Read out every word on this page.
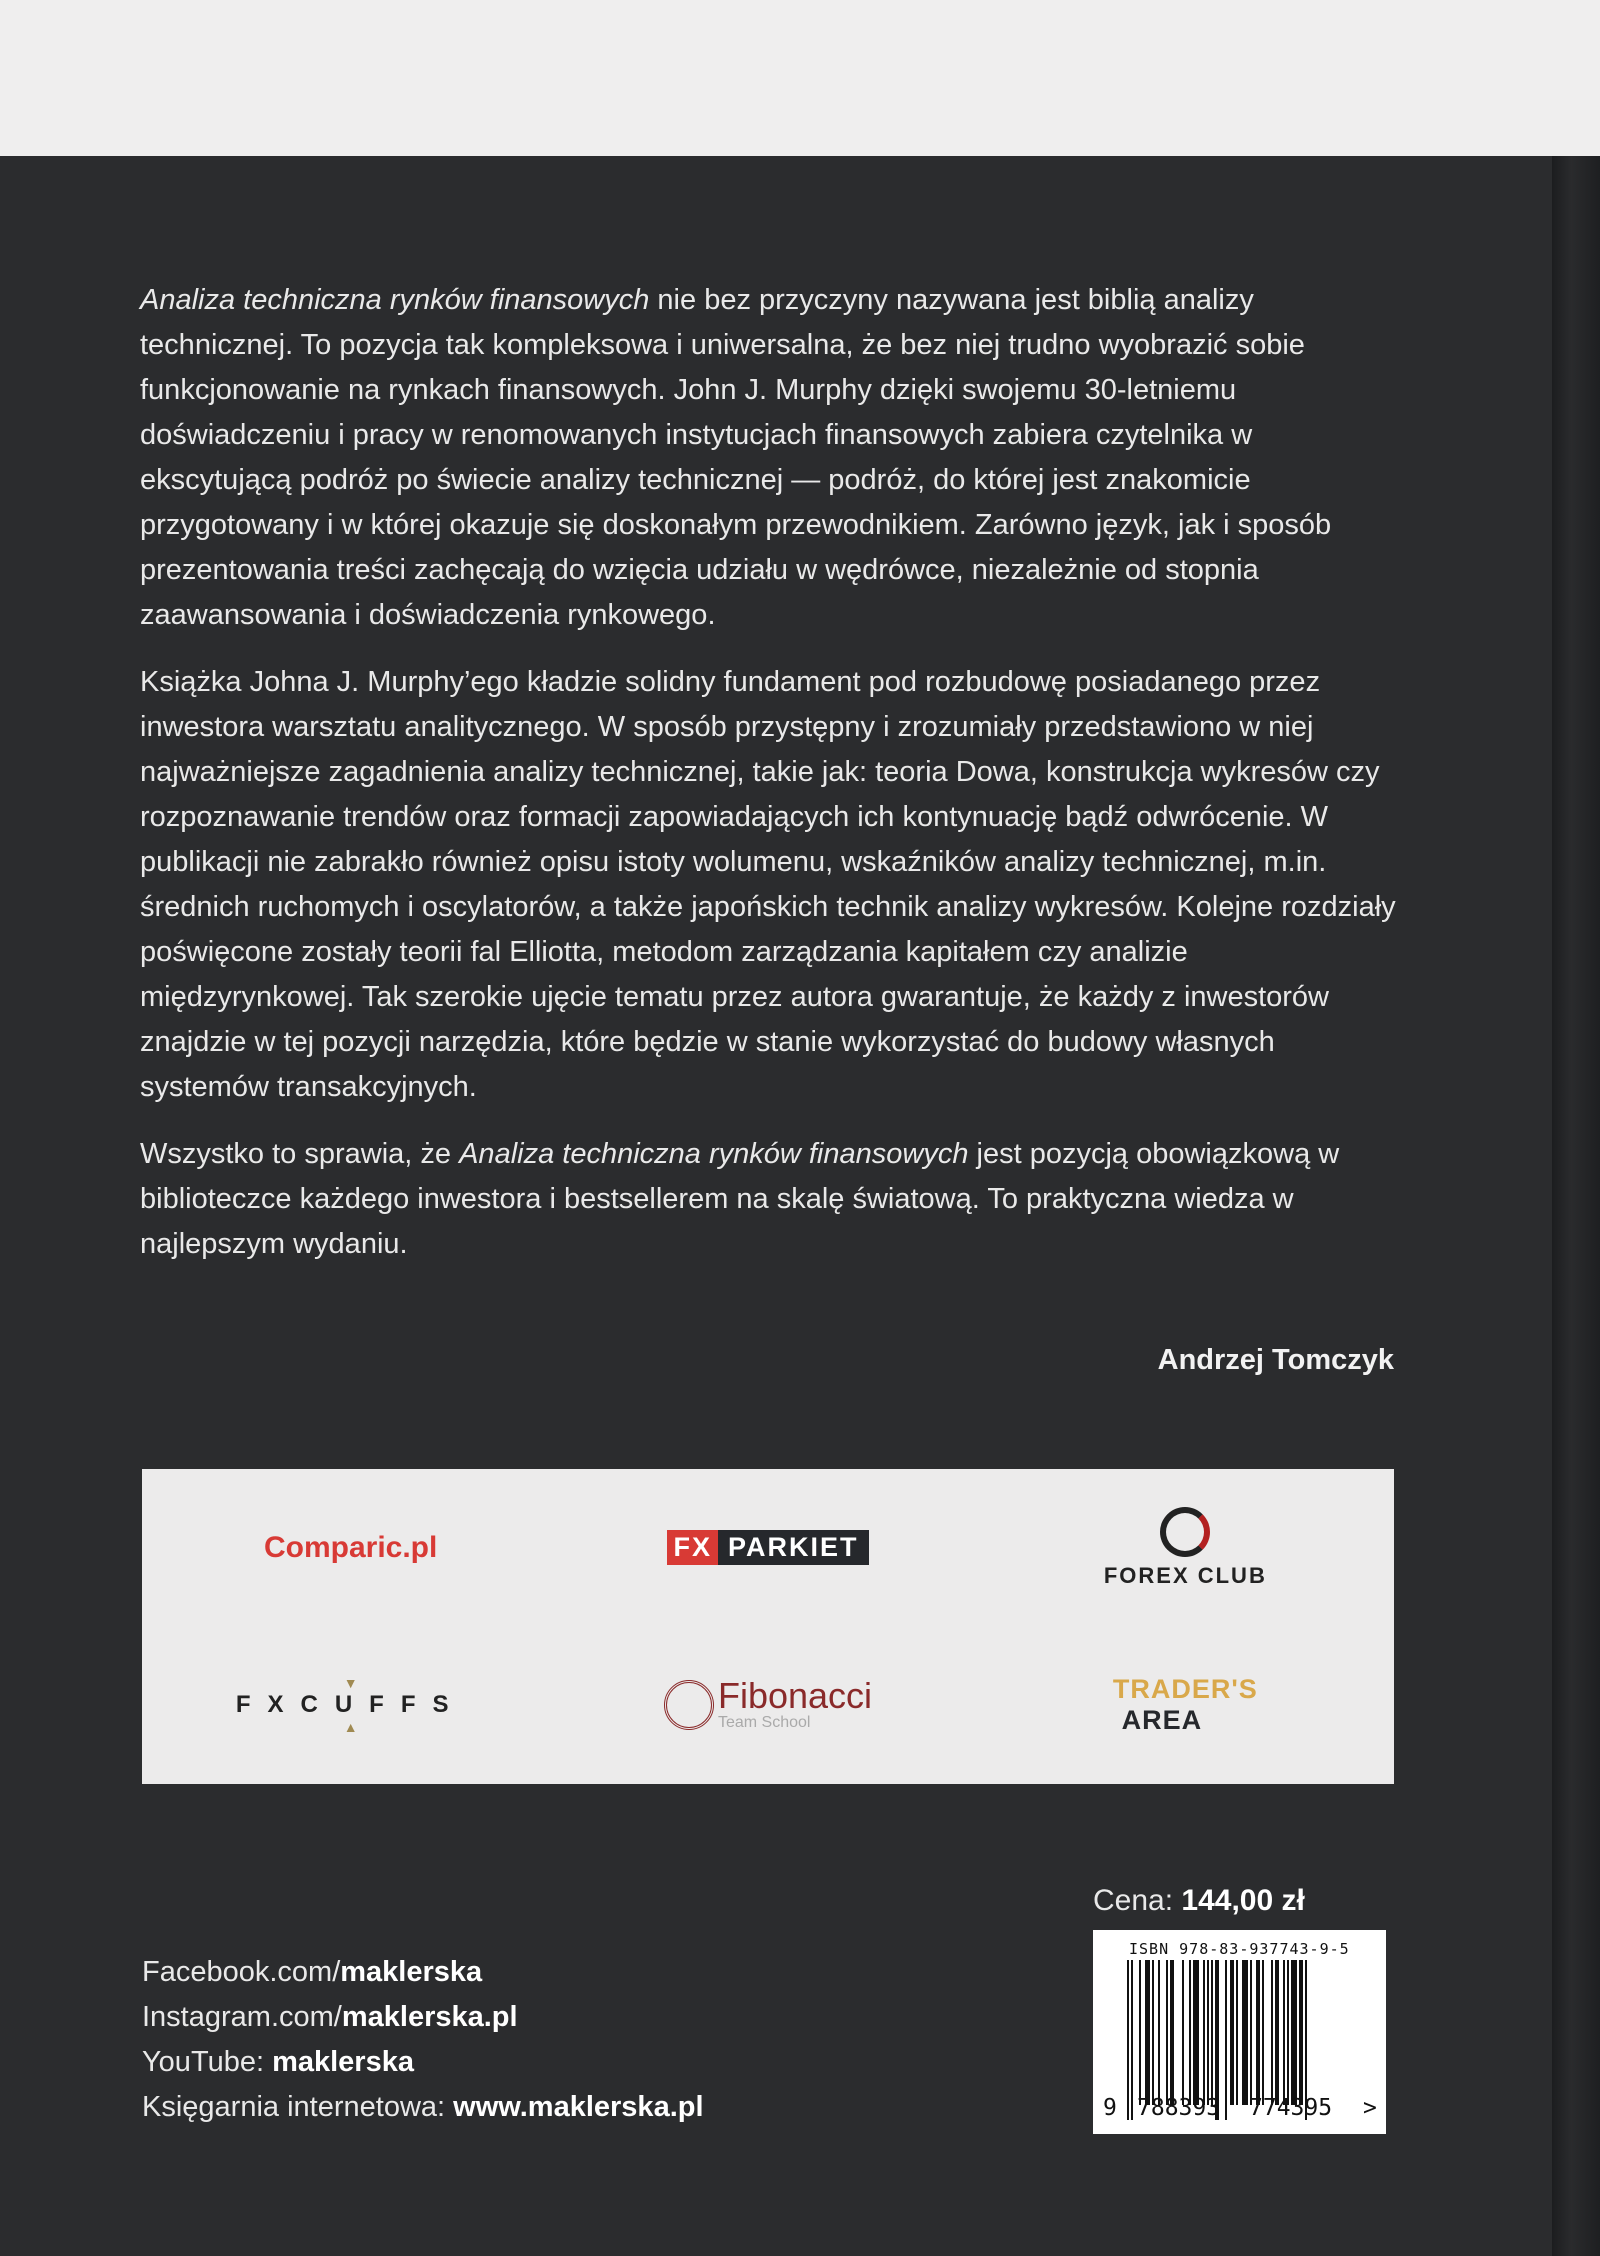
Analiza techniczna rynków finansowych nie bez przyczyny nazywana jest biblią analizy technicznej. To pozycja tak kompleksowa i uniwersalna, że bez niej trudno wyobrazić sobie funkcjonowanie na rynkach finansowych. John J. Murphy dzięki swojemu 30-letniemu doświadczeniu i pracy w renomowanych instytucjach finansowych zabiera czytelnika w ekscytującą podróż po świecie analizy technicznej — podróż, do której jest znakomicie przygotowany i w której okazuje się doskonałym przewodnikiem. Zarówno język, jak i sposób prezentowania treści zachęcają do wzięcia udziału w wędrówce, niezależnie od stopnia zaawansowania i doświadczenia rynkowego.

Książka Johna J. Murphy’ego kładzie solidny fundament pod rozbudowę posiadanego przez inwestora warsztatu analitycznego. W sposób przystępny i zrozumiały przedstawiono w niej najważniejsze zagadnienia analizy technicznej, takie jak: teoria Dowa, konstrukcja wykresów czy rozpoznawanie trendów oraz formacji zapowiadających ich kontynuację bądź odwrócenie. W publikacji nie zabrakło również opisu istoty wolumenu, wskaźników analizy technicznej, m.in. średnich ruchomych i oscylatorów, a także japońskich technik analizy wykresów. Kolejne rozdziały poświęcone zostały teorii fal Elliotta, metodom zarządzania kapitałem czy analizie międzyrynkowej. Tak szerokie ujęcie tematu przez autora gwarantuje, że każdy z inwestorów znajdzie w tej pozycji narzędzia, które będzie w stanie wykorzystać do budowy własnych systemów transakcyjnych.

Wszystko to sprawia, że Analiza techniczna rynków finansowych jest pozycją obowiązkową w biblioteczce każdego inwestora i bestsellerem na skalę światową. To praktyczna wiedza w najlepszym wydaniu.

Andrzej Tomczyk
Comparic.pl	FX PARKIET
FOREX CLUB
▼
FXCUFFS
▲
Fibonacci
Team School
TRADER'S
AREA
Facebook.com/maklerska
Instagram.com/maklerska.pl
YouTube: maklerska
Księgarnia internetowa: www.maklerska.pl
Cena: 144,00 zł
ISBN 978-83-937743-9-5
9 788393 774395 >
